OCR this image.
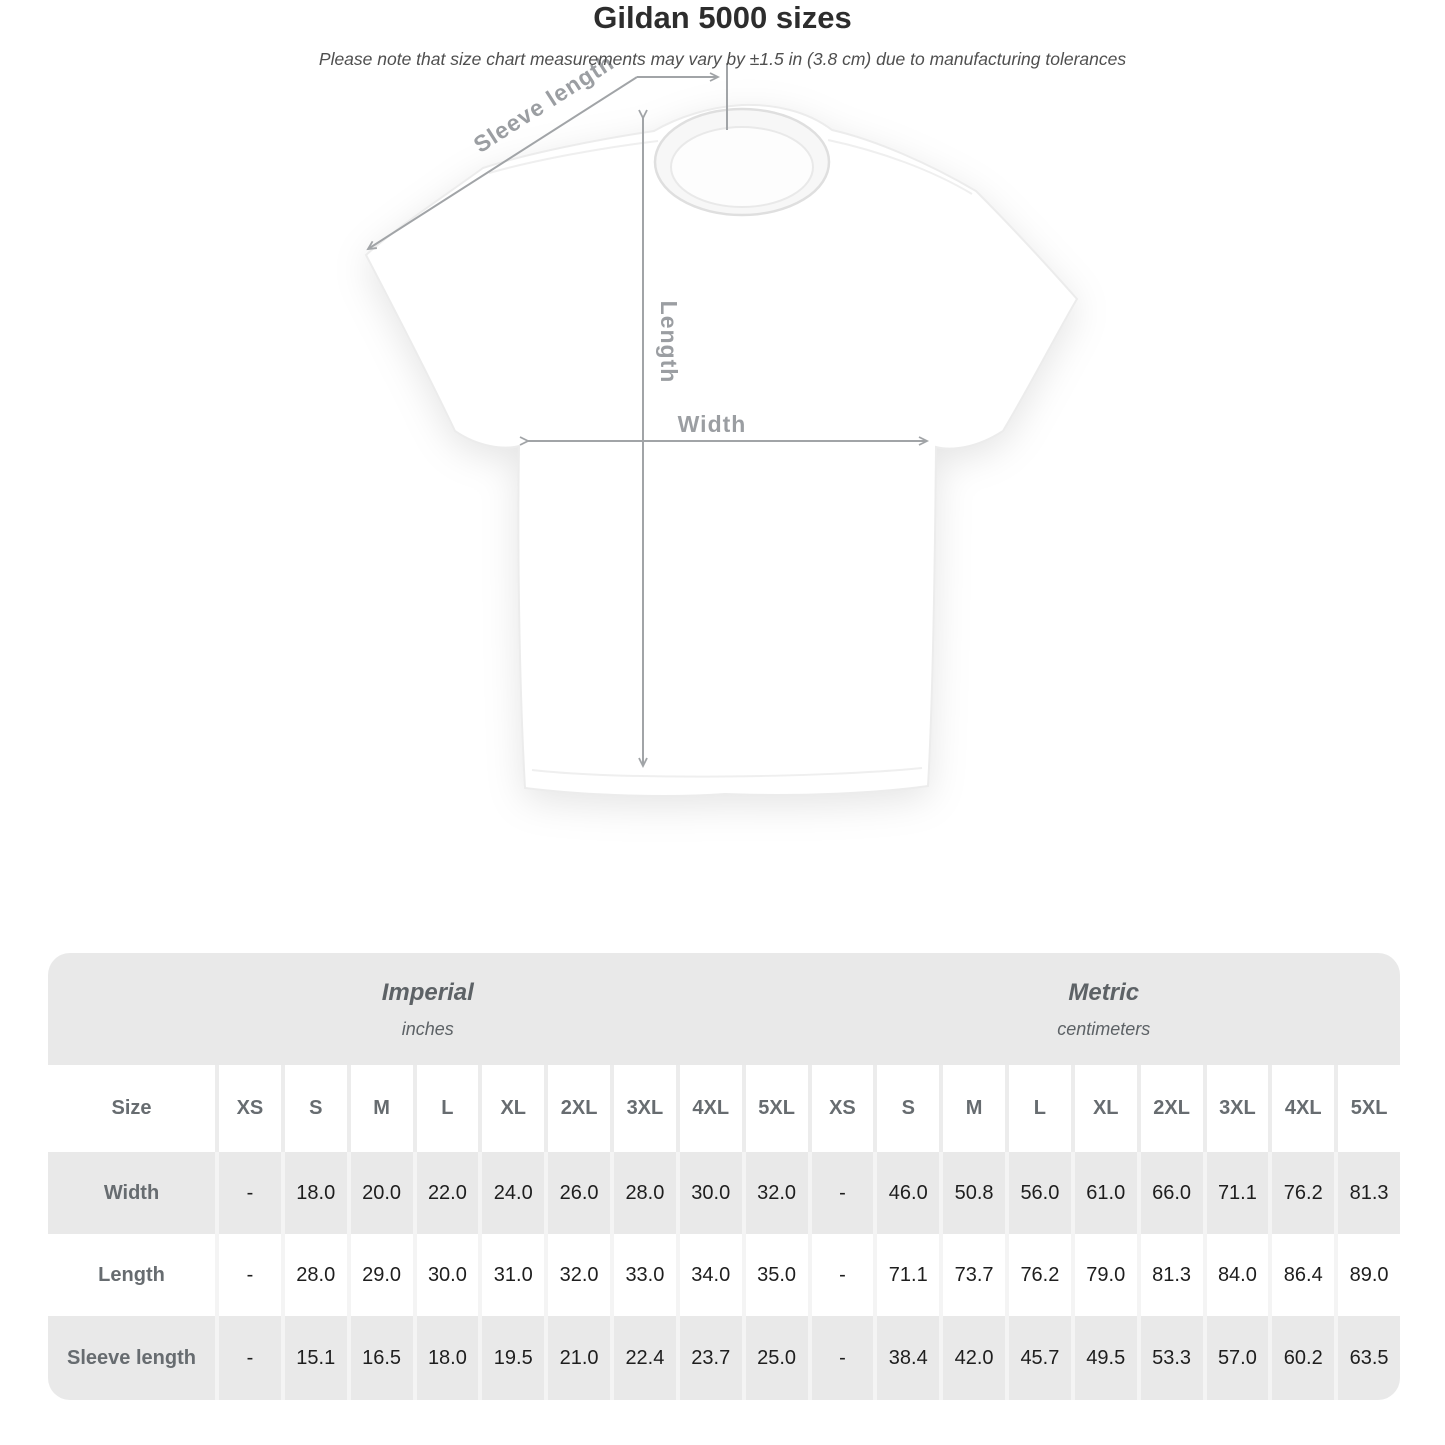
Sleeve length
Length
Width

Gildan 5000 sizes

Please note that size chart measurements may vary by ±1.5 in (3.8 cm) due to manufacturing tolerances

Imperial
inches
Metric
centimeters
Size	XS	S	M	L	XL	2XL	3XL	4XL	5XL	XS	S	M	L	XL	2XL	3XL	4XL	5XL
Width	-	18.0	20.0	22.0	24.0	26.0	28.0	30.0	32.0	-	46.0	50.8	56.0	61.0	66.0	71.1	76.2	81.3
Length	-	28.0	29.0	30.0	31.0	32.0	33.0	34.0	35.0	-	71.1	73.7	76.2	79.0	81.3	84.0	86.4	89.0
Sleeve length	-	15.1	16.5	18.0	19.5	21.0	22.4	23.7	25.0	-	38.4	42.0	45.7	49.5	53.3	57.0	60.2	63.5
